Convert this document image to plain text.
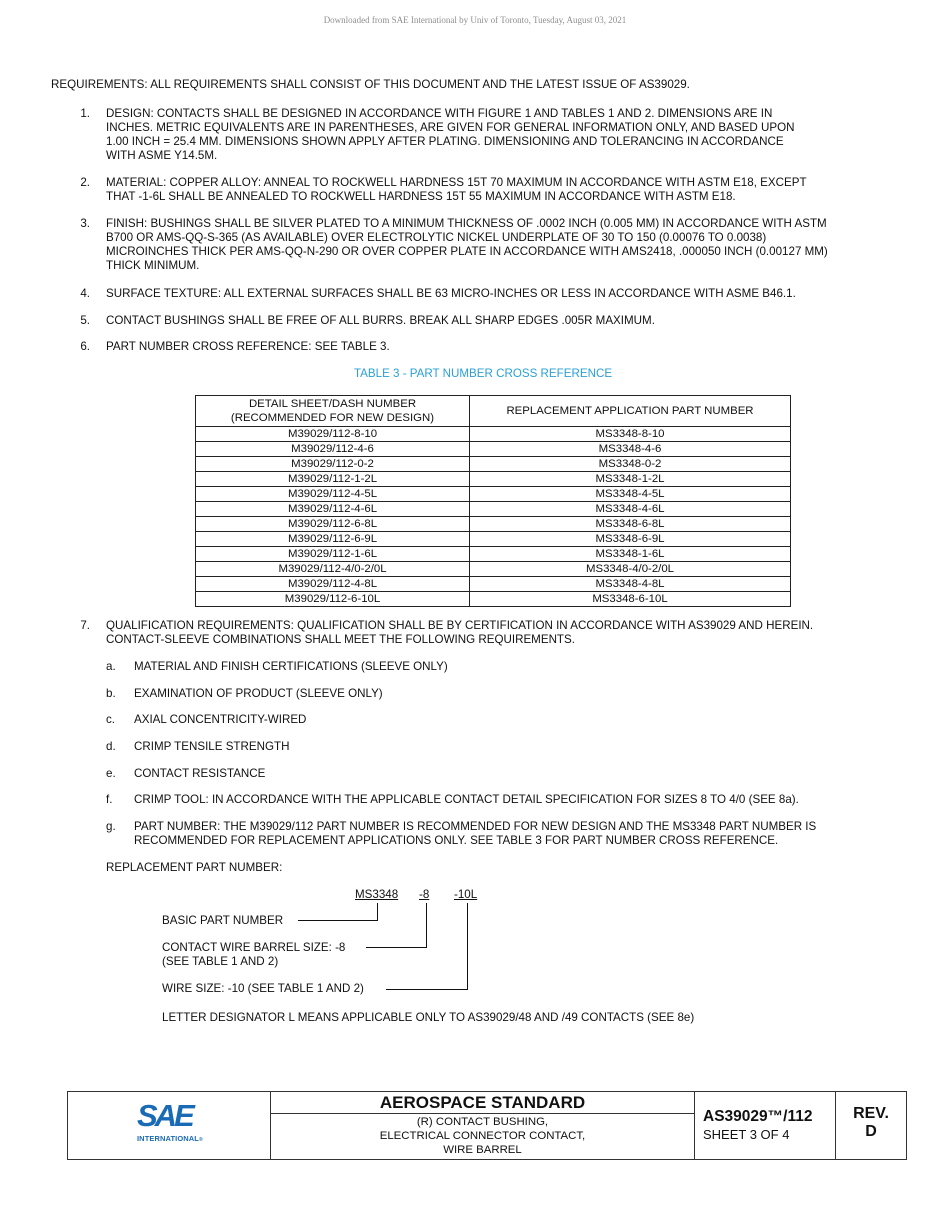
Downloaded from SAE International by Univ of Toronto, Tuesday, August 03, 2021
REQUIREMENTS: ALL REQUIREMENTS SHALL CONSIST OF THIS DOCUMENT AND THE LATEST ISSUE OF AS39029.
1. DESIGN: CONTACTS SHALL BE DESIGNED IN ACCORDANCE WITH FIGURE 1 AND TABLES 1 AND 2. DIMENSIONS ARE IN
INCHES. METRIC EQUIVALENTS ARE IN PARENTHESES, ARE GIVEN FOR GENERAL INFORMATION ONLY, AND BASED UPON
1.00 INCH = 25.4 MM. DIMENSIONS SHOWN APPLY AFTER PLATING. DIMENSIONING AND TOLERANCING IN ACCORDANCE
WITH ASME Y14.5M.
2. MATERIAL: COPPER ALLOY: ANNEAL TO ROCKWELL HARDNESS 15T 70 MAXIMUM IN ACCORDANCE WITH ASTM E18, EXCEPT
THAT -1-6L SHALL BE ANNEALED TO ROCKWELL HARDNESS 15T 55 MAXIMUM IN ACCORDANCE WITH ASTM E18.
3. FINISH: BUSHINGS SHALL BE SILVER PLATED TO A MINIMUM THICKNESS OF .0002 INCH (0.005 MM) IN ACCORDANCE WITH ASTM
B700 OR AMS-QQ-S-365 (AS AVAILABLE) OVER ELECTROLYTIC NICKEL UNDERPLATE OF 30 TO 150 (0.00076 TO 0.0038)
MICROINCHES THICK PER AMS-QQ-N-290 OR OVER COPPER PLATE IN ACCORDANCE WITH AMS2418, .000050 INCH (0.00127 MM)
THICK MINIMUM.
4. SURFACE TEXTURE: ALL EXTERNAL SURFACES SHALL BE 63 MICRO-INCHES OR LESS IN ACCORDANCE WITH ASME B46.1.
5. CONTACT BUSHINGS SHALL BE FREE OF ALL BURRS. BREAK ALL SHARP EDGES .005R MAXIMUM.
6. PART NUMBER CROSS REFERENCE: SEE TABLE 3.
TABLE 3 - PART NUMBER CROSS REFERENCE
DETAIL SHEET/DASH NUMBER
(RECOMMENDED FOR NEW DESIGN)	REPLACEMENT APPLICATION PART NUMBER
M39029/112-8-10	MS3348-8-10
M39029/112-4-6	MS3348-4-6
M39029/112-0-2	MS3348-0-2
M39029/112-1-2L	MS3348-1-2L
M39029/112-4-5L	MS3348-4-5L
M39029/112-4-6L	MS3348-4-6L
M39029/112-6-8L	MS3348-6-8L
M39029/112-6-9L	MS3348-6-9L
M39029/112-1-6L	MS3348-1-6L
M39029/112-4/0-2/0L	MS3348-4/0-2/0L
M39029/112-4-8L	MS3348-4-8L
M39029/112-6-10L	MS3348-6-10L
7. QUALIFICATION REQUIREMENTS: QUALIFICATION SHALL BE BY CERTIFICATION IN ACCORDANCE WITH AS39029 AND HEREIN.
CONTACT-SLEEVE COMBINATIONS SHALL MEET THE FOLLOWING REQUIREMENTS.
a. MATERIAL AND FINISH CERTIFICATIONS (SLEEVE ONLY)
b. EXAMINATION OF PRODUCT (SLEEVE ONLY)
c. AXIAL CONCENTRICITY-WIRED
d. CRIMP TENSILE STRENGTH
e. CONTACT RESISTANCE
f. CRIMP TOOL: IN ACCORDANCE WITH THE APPLICABLE CONTACT DETAIL SPECIFICATION FOR SIZES 8 TO 4/0 (SEE 8a).
g. PART NUMBER: THE M39029/112 PART NUMBER IS RECOMMENDED FOR NEW DESIGN AND THE MS3348 PART NUMBER IS
RECOMMENDED FOR REPLACEMENT APPLICATIONS ONLY. SEE TABLE 3 FOR PART NUMBER CROSS REFERENCE.
REPLACEMENT PART NUMBER:
MS3348 -8 -10L
BASIC PART NUMBER
CONTACT WIRE BARREL SIZE: -8
(SEE TABLE 1 AND 2)
WIRE SIZE: -10 (SEE TABLE 1 AND 2)
LETTER DESIGNATOR L MEANS APPLICABLE ONLY TO AS39029/48 AND /49 CONTACTS (SEE 8e)
SAE
INTERNATIONAL®
AEROSPACE STANDARD
(R) CONTACT BUSHING,
ELECTRICAL CONNECTOR CONTACT,
WIRE BARREL
AS39029™/112
SHEET 3 OF 4
REV.
D
